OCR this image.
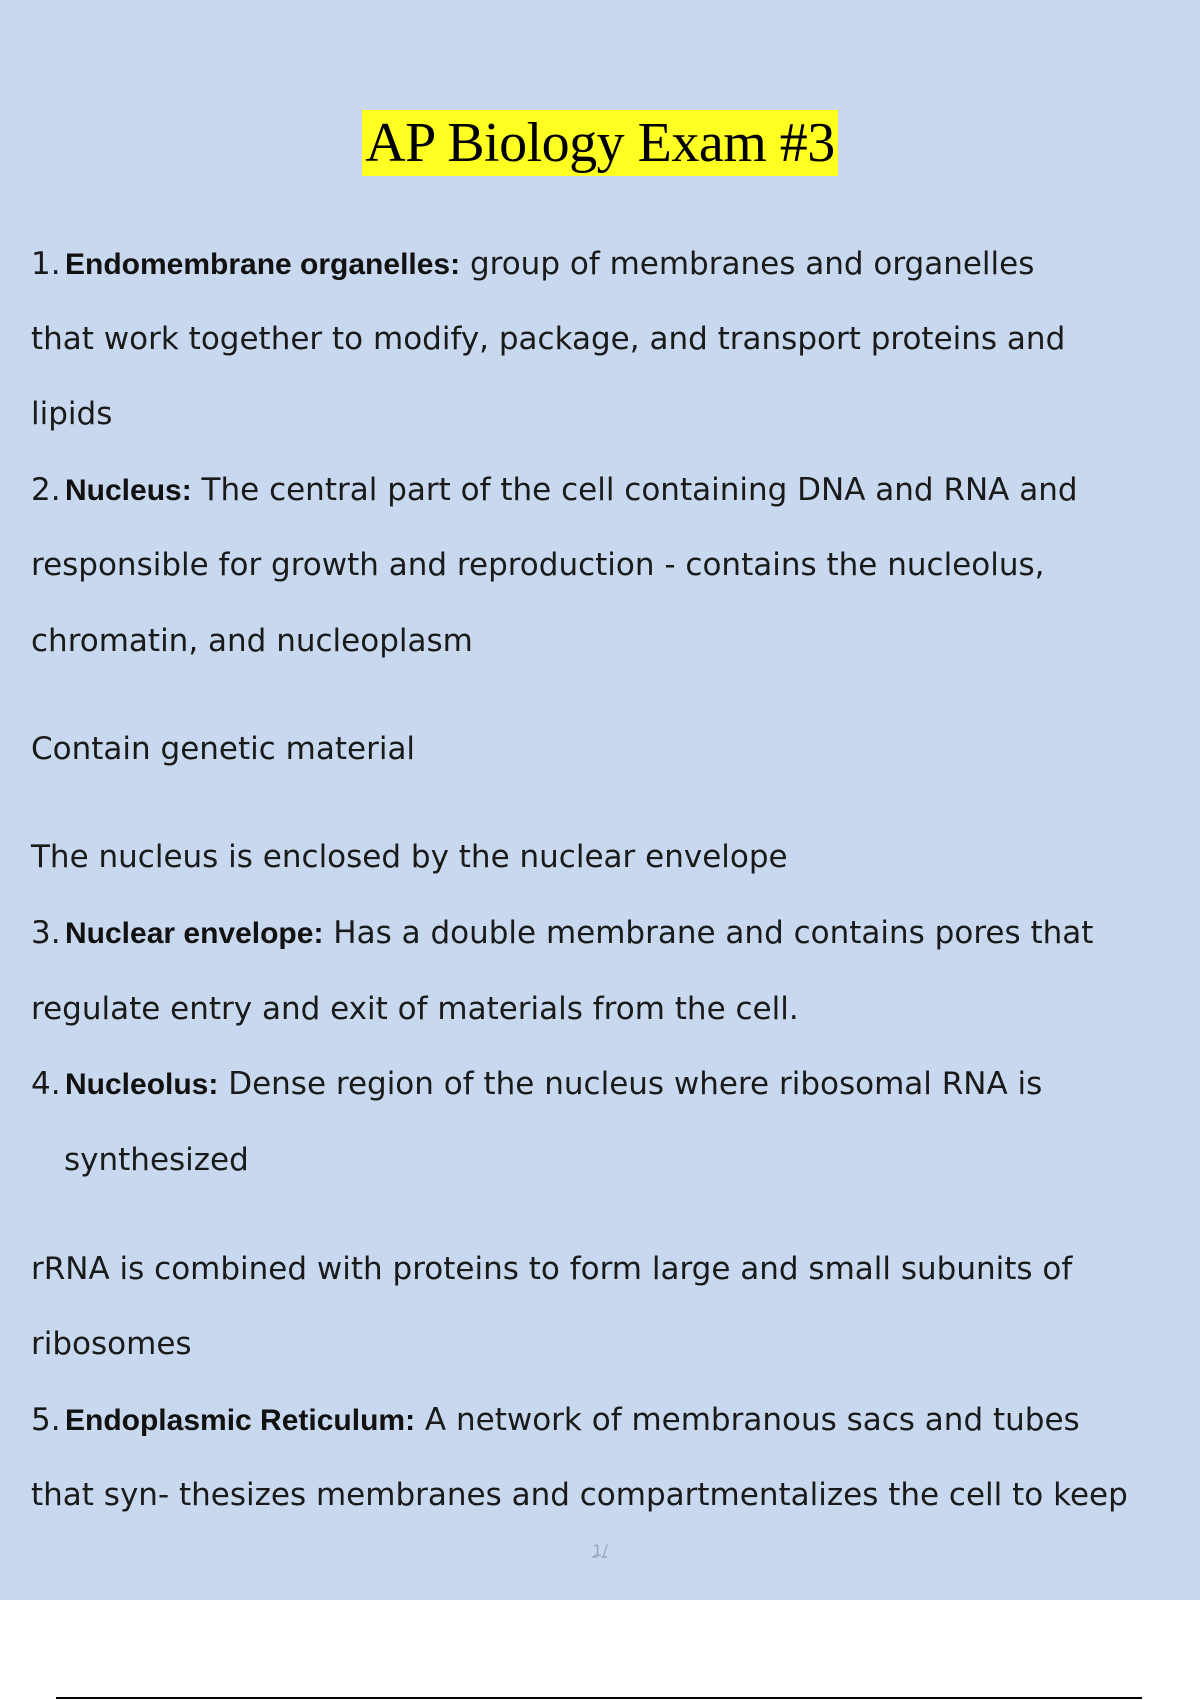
AP Biology Exam #3
1. Endomembrane organelles: group of membranes and organelles
that work together to modify, package, and transport proteins and
lipids
2. Nucleus: The central part of the cell containing DNA and RNA and
responsible for growth and reproduction - contains the nucleolus,
chromatin, and nucleoplasm
Contain genetic material
The nucleus is enclosed by the nuclear envelope
3. Nuclear envelope: Has a double membrane and contains pores that
regulate entry and exit of materials from the cell.
4. Nucleolus: Dense region of the nucleus where ribosomal RNA is
synthesized
rRNA is combined with proteins to form large and small subunits of
ribosomes
5. Endoplasmic Reticulum: A network of membranous sacs and tubes
that syn- thesizes membranes and compartmentalizes the cell to keep
1/
